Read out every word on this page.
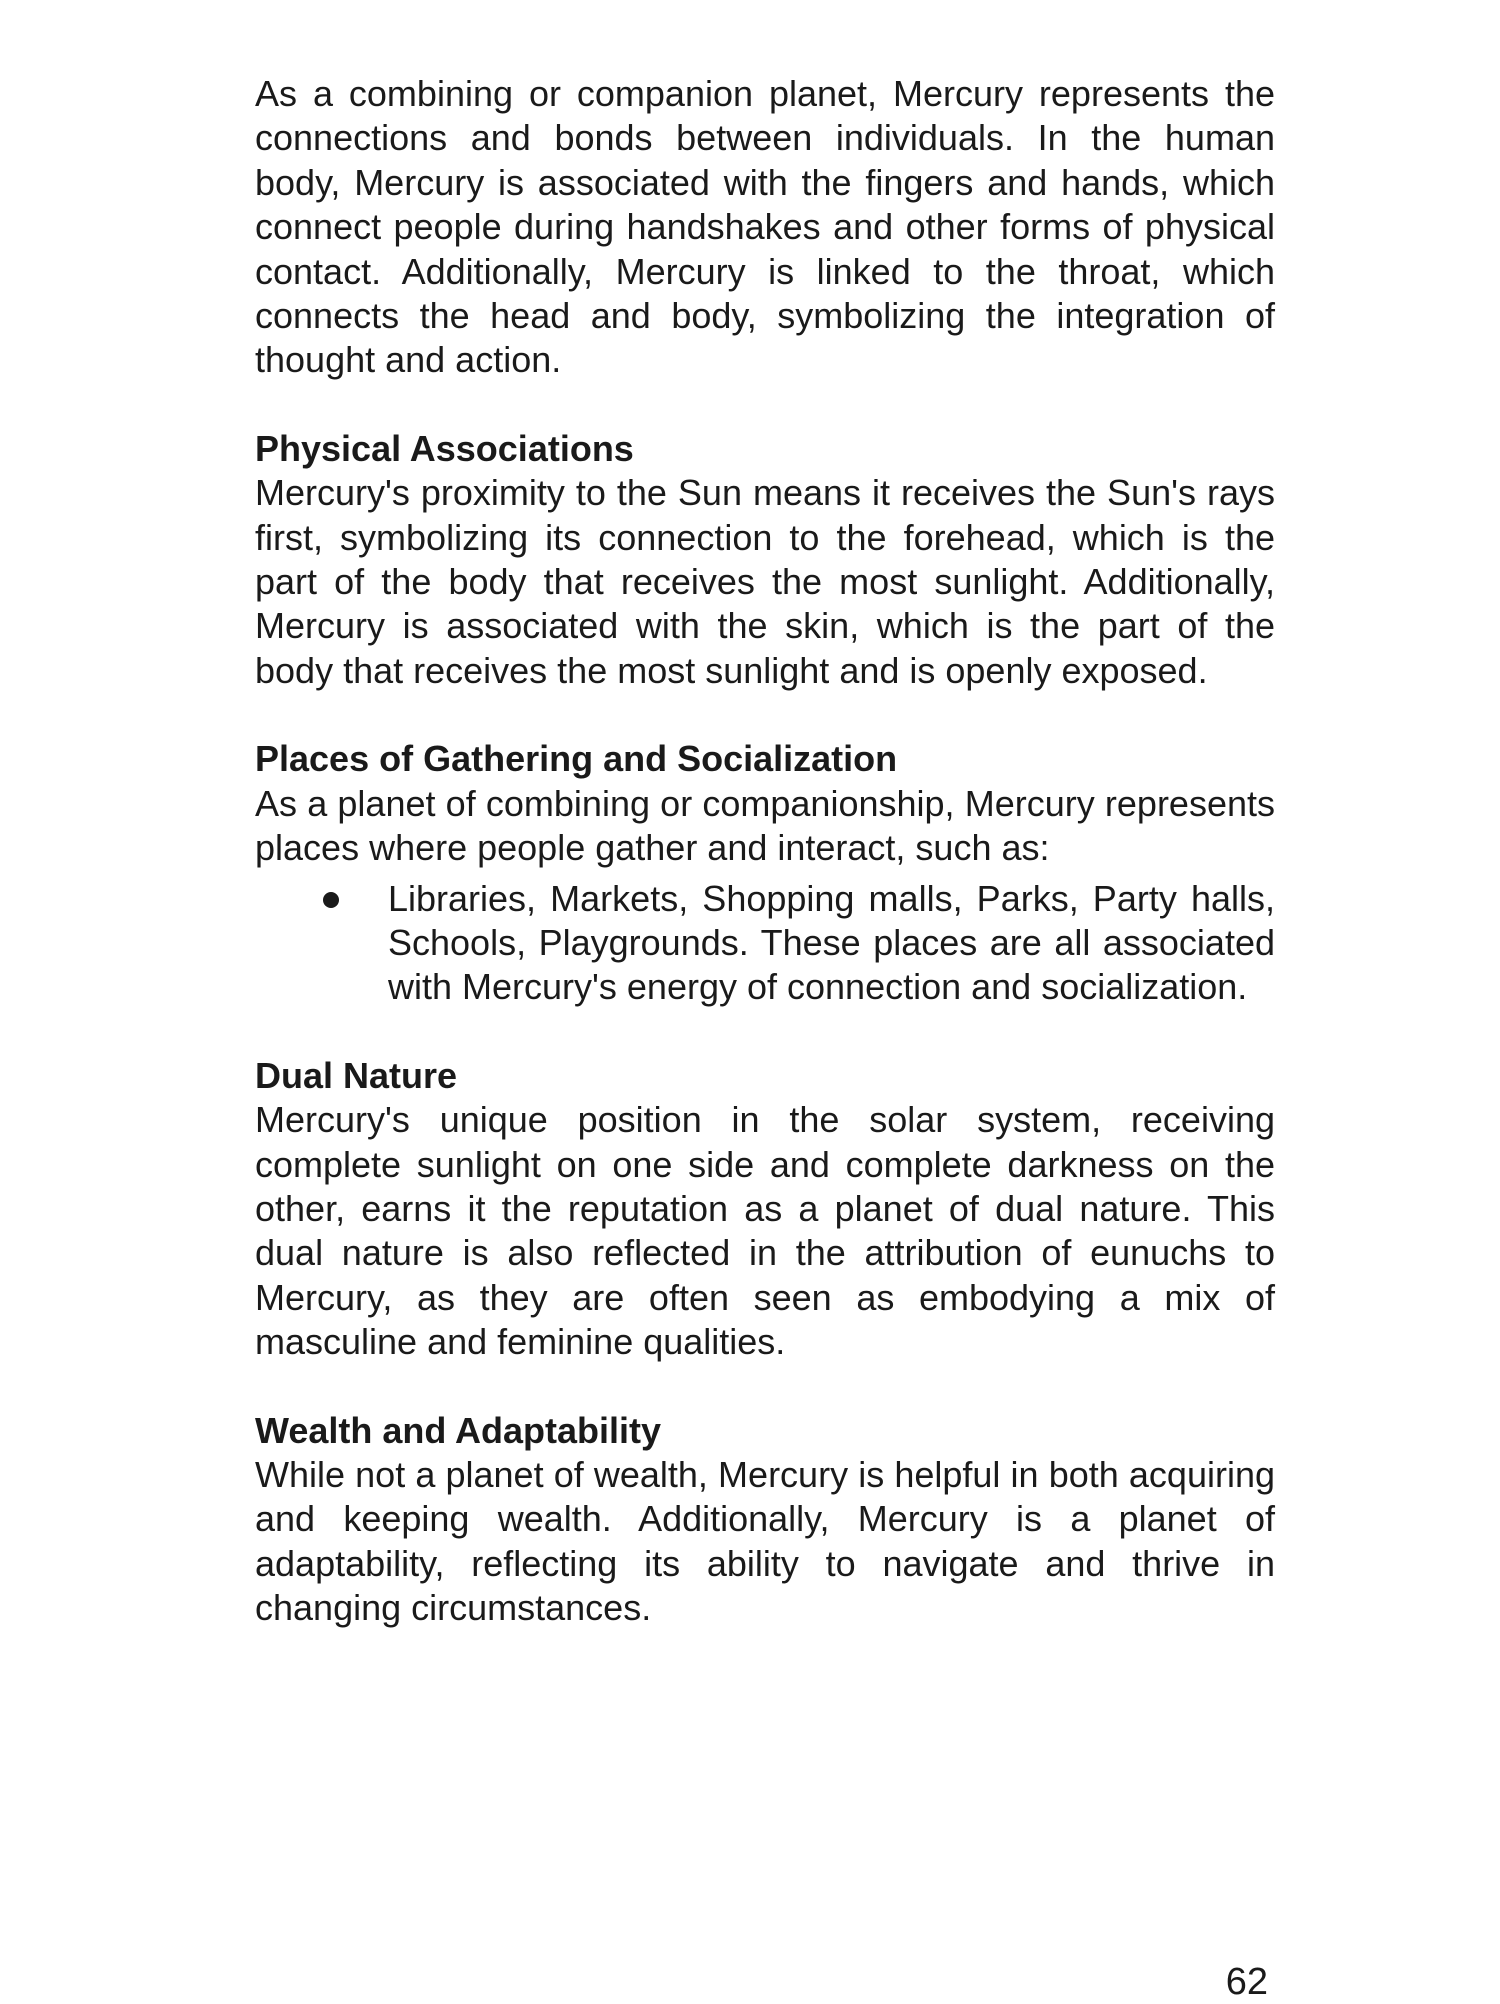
As a combining or companion planet, Mercury represents the connections and bonds between individuals. In the human body, Mercury is associated with the fingers and hands, which connect people during handshakes and other forms of physical contact. Additionally, Mercury is linked to the throat, which connects the head and body, symbolizing the integration of thought and action.

Physical Associations

Mercury's proximity to the Sun means it receives the Sun's rays first, symbolizing its connection to the forehead, which is the part of the body that receives the most sunlight. Additionally, Mercury is associated with the skin, which is the part of the body that receives the most sunlight and is openly exposed.

Places of Gathering and Socialization

As a planet of combining or companionship, Mercury represents places where people gather and interact, such as:

Libraries, Markets, Shopping malls, Parks, Party halls, Schools, Playgrounds. These places are all associated with Mercury's energy of connection and socialization.

Dual Nature

Mercury's unique position in the solar system, receiving complete sunlight on one side and complete darkness on the other, earns it the reputation as a planet of dual nature. This dual nature is also reflected in the attribution of eunuchs to Mercury, as they are often seen as embodying a mix of masculine and feminine qualities.

Wealth and Adaptability

While not a planet of wealth, Mercury is helpful in both acquiring and keeping wealth. Additionally, Mercury is a planet of adaptability, reflecting its ability to navigate and thrive in changing circumstances.

62
